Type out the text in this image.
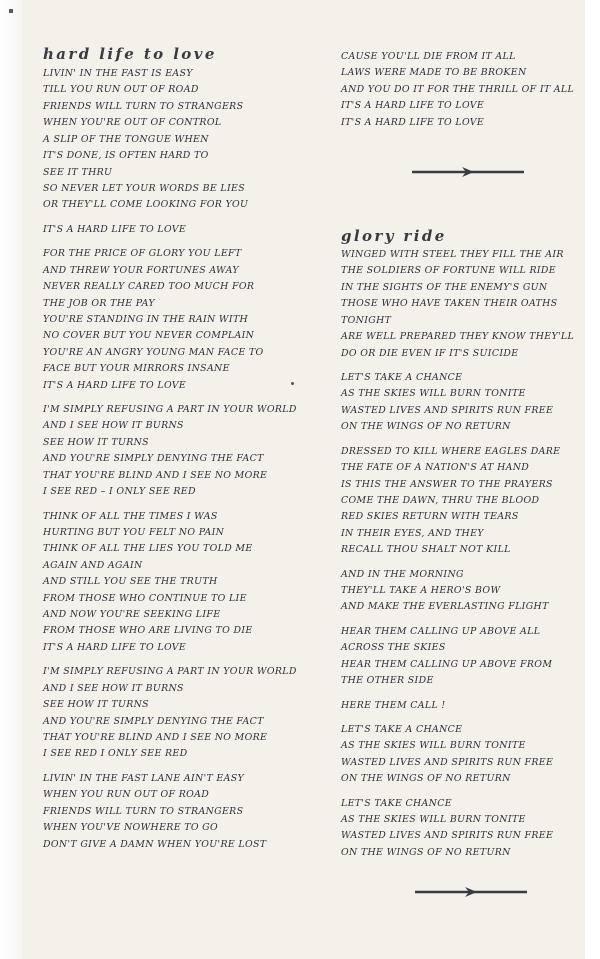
hard life to love
LIVIN' IN THE FAST IS EASY
TILL YOU RUN OUT OF ROAD
FRIENDS WILL TURN TO STRANGERS
WHEN YOU'RE OUT OF CONTROL
A SLIP OF THE TONGUE WHEN
IT'S DONE, IS OFTEN HARD TO
SEE IT THRU
SO NEVER LET YOUR WORDS BE LIES
OR THEY'LL COME LOOKING FOR YOU
IT'S A HARD LIFE TO LOVE
FOR THE PRICE OF GLORY YOU LEFT
AND THREW YOUR FORTUNES AWAY
NEVER REALLY CARED TOO MUCH FOR
THE JOB OR THE PAY
YOU'RE STANDING IN THE RAIN WITH
NO COVER BUT YOU NEVER COMPLAIN
YOU'RE AN ANGRY YOUNG MAN FACE TO
FACE BUT YOUR MIRRORS INSANE
IT'S A HARD LIFE TO LOVE
I'M SIMPLY REFUSING A PART IN YOUR WORLD
AND I SEE HOW IT BURNS
SEE HOW IT TURNS
AND YOU'RE SIMPLY DENYING THE FACT
THAT YOU'RE BLIND AND I SEE NO MORE
I SEE RED – I ONLY SEE RED
THINK OF ALL THE TIMES I WAS
HURTING BUT YOU FELT NO PAIN
THINK OF ALL THE LIES YOU TOLD ME
AGAIN AND AGAIN
AND STILL YOU SEE THE TRUTH
FROM THOSE WHO CONTINUE TO LIE
AND NOW YOU'RE SEEKING LIFE
FROM THOSE WHO ARE LIVING TO DIE
IT'S A HARD LIFE TO LOVE
I'M SIMPLY REFUSING A PART IN YOUR WORLD
AND I SEE HOW IT BURNS
SEE HOW IT TURNS
AND YOU'RE SIMPLY DENYING THE FACT
THAT YOU'RE BLIND AND I SEE NO MORE
I SEE RED I ONLY SEE RED
LIVIN' IN THE FAST LANE AIN'T EASY
WHEN YOU RUN OUT OF ROAD
FRIENDS WILL TURN TO STRANGERS
WHEN YOU'VE NOWHERE TO GO
DON'T GIVE A DAMN WHEN YOU'RE LOST
glory ride
CAUSE YOU'LL DIE FROM IT ALL
LAWS WERE MADE TO BE BROKEN
AND YOU DO IT FOR THE THRILL OF IT ALL
IT'S A HARD LIFE TO LOVE
IT'S A HARD LIFE TO LOVE
WINGED WITH STEEL THEY FILL THE AIR
THE SOLDIERS OF FORTUNE WILL RIDE
IN THE SIGHTS OF THE ENEMY'S GUN
THOSE WHO HAVE TAKEN THEIR OATHS
TONIGHT
ARE WELL PREPARED THEY KNOW THEY'LL
DO OR DIE EVEN IF IT'S SUICIDE
LET'S TAKE A CHANCE
AS THE SKIES WILL BURN TONITE
WASTED LIVES AND SPIRITS RUN FREE
ON THE WINGS OF NO RETURN
DRESSED TO KILL WHERE EAGLES DARE
THE FATE OF A NATION'S AT HAND
IS THIS THE ANSWER TO THE PRAYERS
COME THE DAWN, THRU THE BLOOD
RED SKIES RETURN WITH TEARS
IN THEIR EYES, AND THEY
RECALL THOU SHALT NOT KILL
AND IN THE MORNING
THEY'LL TAKE A HERO'S BOW
AND MAKE THE EVERLASTING FLIGHT
HEAR THEM CALLING UP ABOVE ALL
ACROSS THE SKIES
HEAR THEM CALLING UP ABOVE FROM
THE OTHER SIDE
HERE THEM CALL !
LET'S TAKE A CHANCE
AS THE SKIES WILL BURN TONITE
WASTED LIVES AND SPIRITS RUN FREE
ON THE WINGS OF NO RETURN
LET'S TAKE CHANCE
AS THE SKIES WILL BURN TONITE
WASTED LIVES AND SPIRITS RUN FREE
ON THE WINGS OF NO RETURN
